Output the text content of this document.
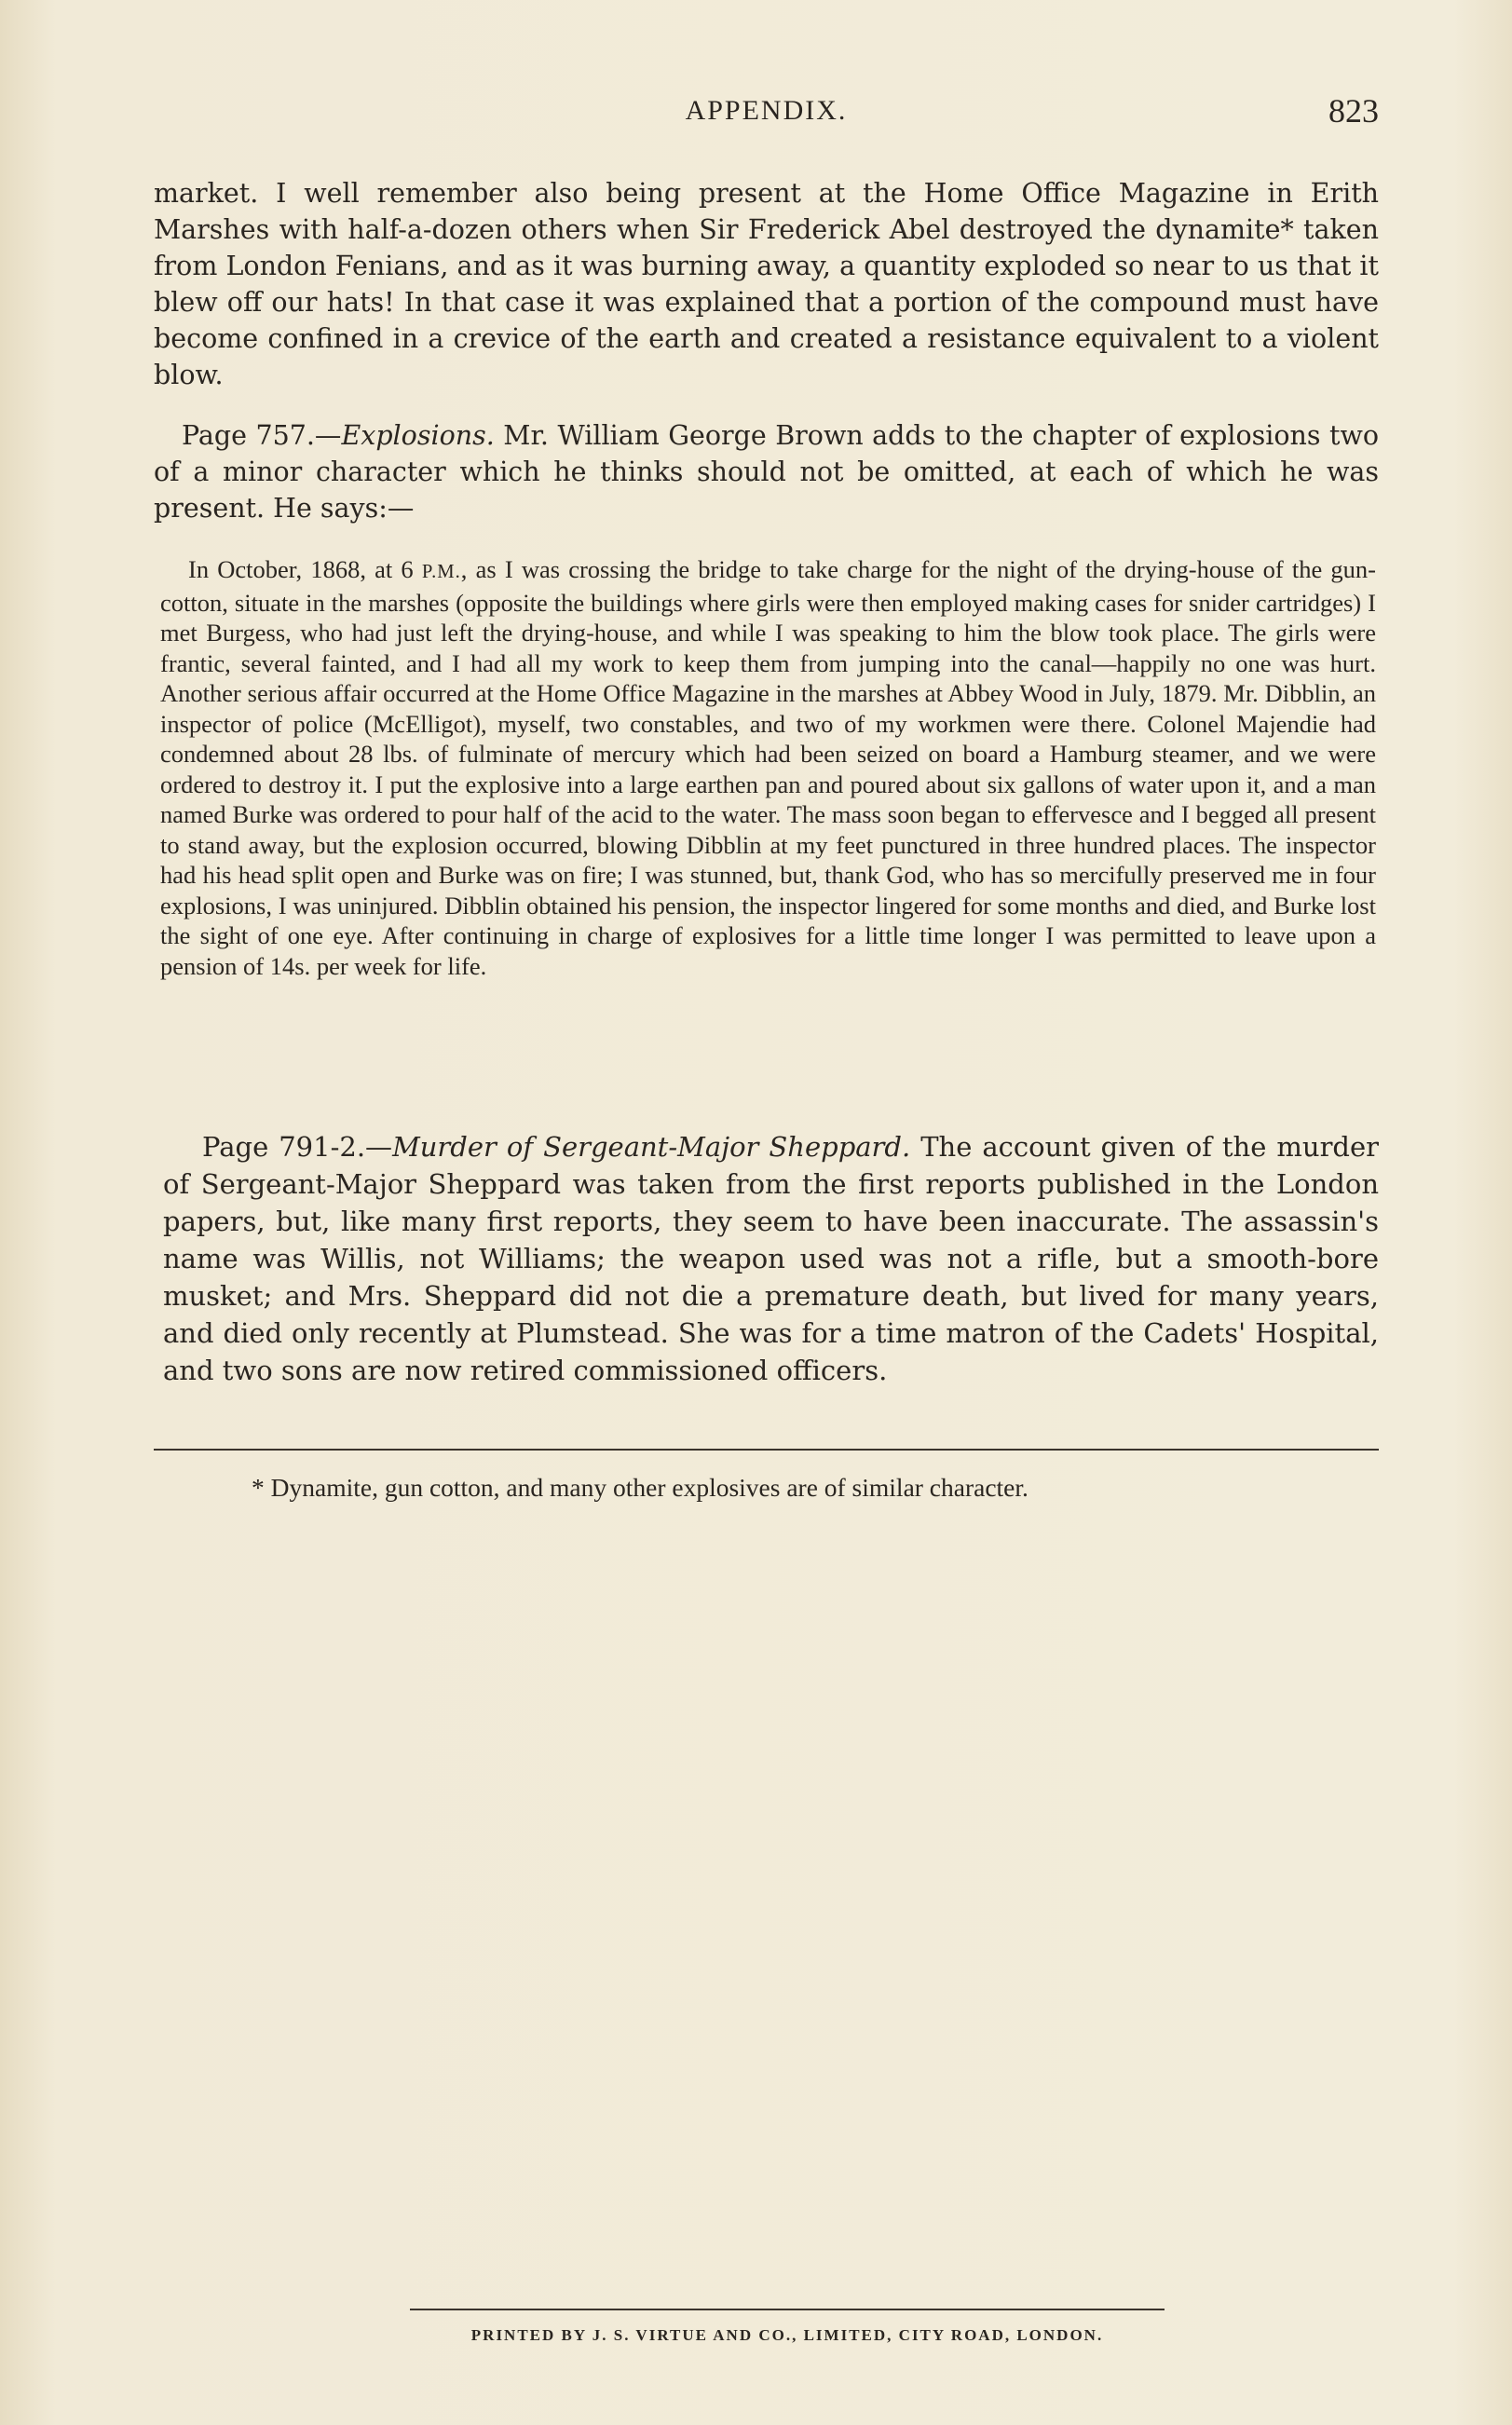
APPENDIX.	823

market. I well remember also being present at the Home Office Magazine in Erith Marshes with half-a-dozen others when Sir Frederick Abel destroyed the dynamite* taken from London Fenians, and as it was burning away, a quantity exploded so near to us that it blew off our hats! In that case it was explained that a portion of the compound must have become confined in a crevice of the earth and created a resistance equivalent to a violent blow.

Page 757.—Explosions. Mr. William George Brown adds to the chapter of explosions two of a minor character which he thinks should not be omitted, at each of which he was present. He says:—

In October, 1868, at 6 P.M., as I was crossing the bridge to take charge for the night of the drying-house of the gun-cotton, situate in the marshes (opposite the buildings where girls were then employed making cases for snider cartridges) I met Burgess, who had just left the drying-house, and while I was speaking to him the blow took place. The girls were frantic, several fainted, and I had all my work to keep them from jumping into the canal—happily no one was hurt. Another serious affair occurred at the Home Office Magazine in the marshes at Abbey Wood in July, 1879. Mr. Dibblin, an inspector of police (McElligot), myself, two constables, and two of my workmen were there. Colonel Majendie had condemned about 28 lbs. of fulminate of mercury which had been seized on board a Hamburg steamer, and we were ordered to destroy it. I put the explosive into a large earthen pan and poured about six gallons of water upon it, and a man named Burke was ordered to pour half of the acid to the water. The mass soon began to effervesce and I begged all present to stand away, but the explosion occurred, blowing Dibblin at my feet punctured in three hundred places. The inspector had his head split open and Burke was on fire; I was stunned, but, thank God, who has so mercifully preserved me in four explosions, I was uninjured. Dibblin obtained his pension, the inspector lingered for some months and died, and Burke lost the sight of one eye. After continuing in charge of explosives for a little time longer I was permitted to leave upon a pension of 14s. per week for life.

Page 791-2.—Murder of Sergeant-Major Sheppard. The account given of the murder of Sergeant-Major Sheppard was taken from the first reports published in the London papers, but, like many first reports, they seem to have been inaccurate. The assassin's name was Willis, not Williams; the weapon used was not a rifle, but a smooth-bore musket; and Mrs. Sheppard did not die a premature death, but lived for many years, and died only recently at Plumstead. She was for a time matron of the Cadets' Hospital, and two sons are now retired commissioned officers.

* Dynamite, gun cotton, and many other explosives are of similar character.
PRINTED BY J. S. VIRTUE AND CO., LIMITED, CITY ROAD, LONDON.
